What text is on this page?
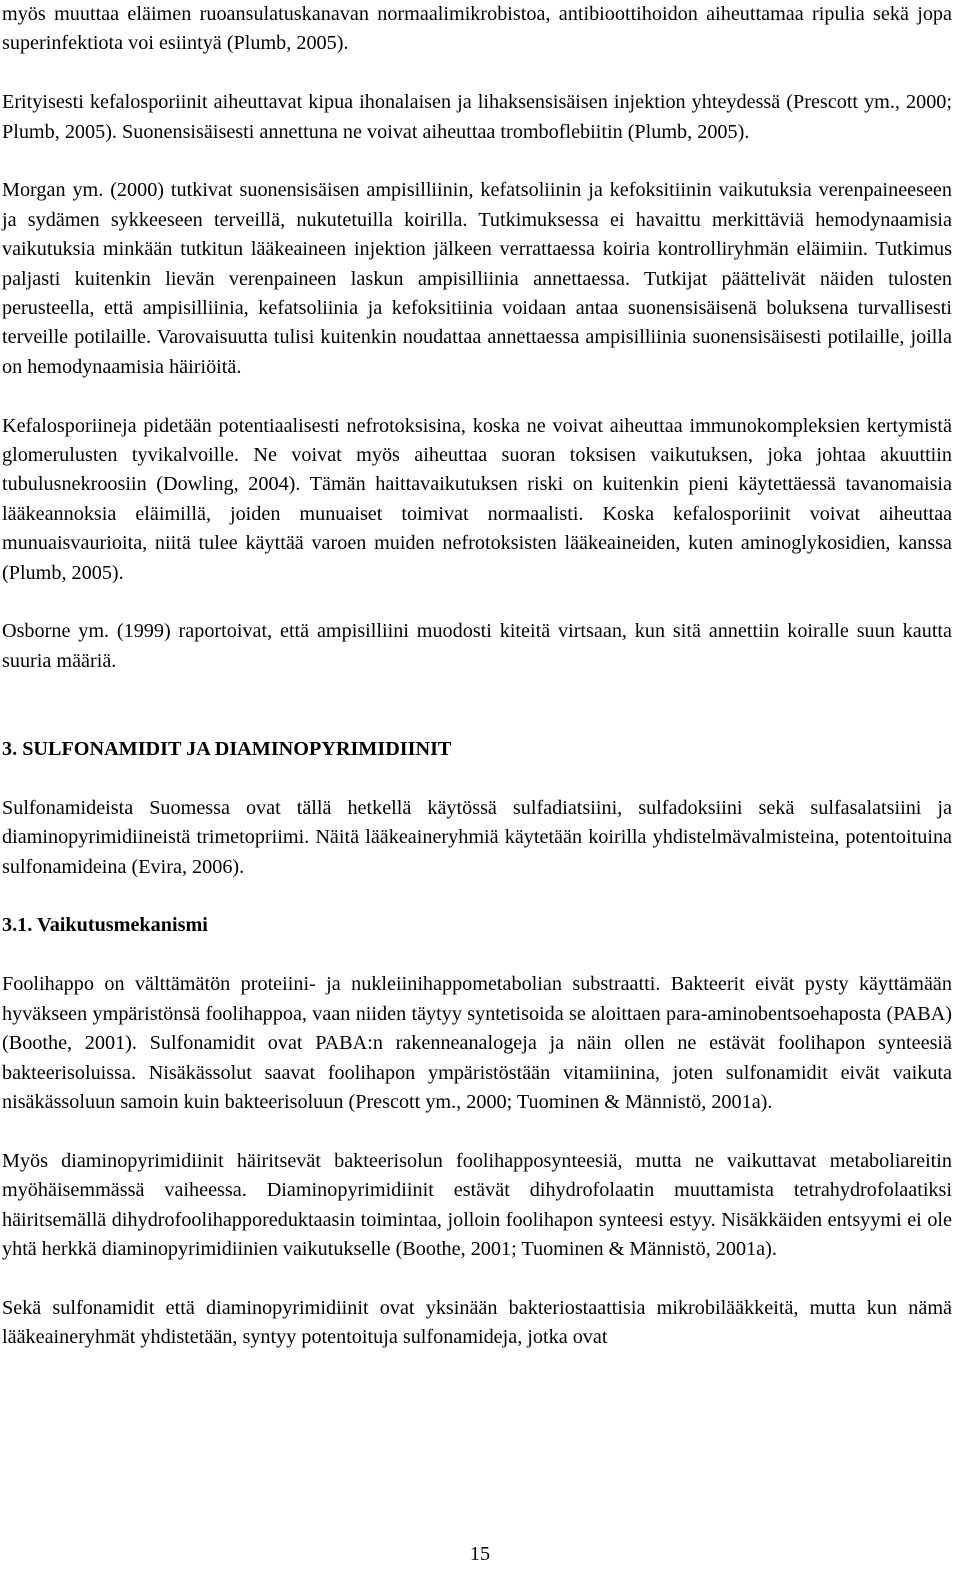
myös muuttaa eläimen ruoansulatuskanavan normaalimikrobistoa, antibioottihoidon aiheuttamaa ripulia sekä jopa superinfektiota voi esiintyä (Plumb, 2005).

Erityisesti kefalosporiinit aiheuttavat kipua ihonalaisen ja lihaksensisäisen injektion yhteydessä (Prescott ym., 2000; Plumb, 2005). Suonensisäisesti annettuna ne voivat aiheuttaa tromboflebiitin (Plumb, 2005).

Morgan ym. (2000) tutkivat suonensisäisen ampisilliinin, kefatsoliinin ja kefoksitiinin vaikutuksia verenpaineeseen ja sydämen sykkeeseen terveillä, nukutetuilla koirilla. Tutkimuksessa ei havaittu merkittäviä hemodynaamisia vaikutuksia minkään tutkitun lääkeaineen injektion jälkeen verrattaessa koiria kontrolliryhmän eläimiin. Tutkimus paljasti kuitenkin lievän verenpaineen laskun ampisilliinia annettaessa. Tutkijat päättelivät näiden tulosten perusteella, että ampisilliinia, kefatsoliinia ja kefoksitiinia voidaan antaa suonensisäisenä boluksena turvallisesti terveille potilaille. Varovaisuutta tulisi kuitenkin noudattaa annettaessa ampisilliinia suonensisäisesti potilaille, joilla on hemodynaamisia häiriöitä.

Kefalosporiineja pidetään potentiaalisesti nefrotoksisina, koska ne voivat aiheuttaa immunokompleksien kertymistä glomerulusten tyvikalvoille. Ne voivat myös aiheuttaa suoran toksisen vaikutuksen, joka johtaa akuuttiin tubulusnekroosiin (Dowling, 2004). Tämän haittavaikutuksen riski on kuitenkin pieni käytettäessä tavanomaisia lääkeannoksia eläimillä, joiden munuaiset toimivat normaalisti. Koska kefalosporiinit voivat aiheuttaa munuaisvaurioita, niitä tulee käyttää varoen muiden nefrotoksisten lääkeaineiden, kuten aminoglykosidien, kanssa (Plumb, 2005).

Osborne ym. (1999) raportoivat, että ampisilliini muodosti kiteitä virtsaan, kun sitä annettiin koiralle suun kautta suuria määriä.

3. SULFONAMIDIT JA DIAMINOPYRIMIDIINIT

Sulfonamideista Suomessa ovat tällä hetkellä käytössä sulfadiatsiini, sulfadoksiini sekä sulfasalatsiini ja diaminopyrimidiineistä trimetopriimi. Näitä lääkeaineryhmiä käytetään koirilla yhdistelmävalmisteina, potentoituina sulfonamideina (Evira, 2006).

3.1. Vaikutusmekanismi

Foolihappo on välttämätön proteiini- ja nukleiinihappometabolian substraatti. Bakteerit eivät pysty käyttämään hyväkseen ympäristönsä foolihappoa, vaan niiden täytyy syntetisoida se aloittaen para-aminobentsoehaposta (PABA) (Boothe, 2001). Sulfonamidit ovat PABA:n rakenneanalogeja ja näin ollen ne estävät foolihapon synteesiä bakteerisoluissa. Nisäkässolut saavat foolihapon ympäristöstään vitamiinina, joten sulfonamidit eivät vaikuta nisäkässoluun samoin kuin bakteerisoluun (Prescott ym., 2000; Tuominen & Männistö, 2001a).

Myös diaminopyrimidiinit häiritsevät bakteerisolun foolihapposynteesiä, mutta ne vaikuttavat metaboliareitin myöhäisemmässä vaiheessa. Diaminopyrimidiinit estävät dihydrofolaatin muuttamista tetrahydrofolaatiksi häiritsemällä dihydrofoolihapporeduktaasin toimintaa, jolloin foolihapon synteesi estyy. Nisäkkäiden entsyymi ei ole yhtä herkkä diaminopyrimidiinien vaikutukselle (Boothe, 2001; Tuominen & Männistö, 2001a).

Sekä sulfonamidit että diaminopyrimidiinit ovat yksinään bakteriostaattisia mikrobilääkkeitä, mutta kun nämä lääkeaineryhmät yhdistetään, syntyy potentoituja sulfonamideja, jotka ovat

15
